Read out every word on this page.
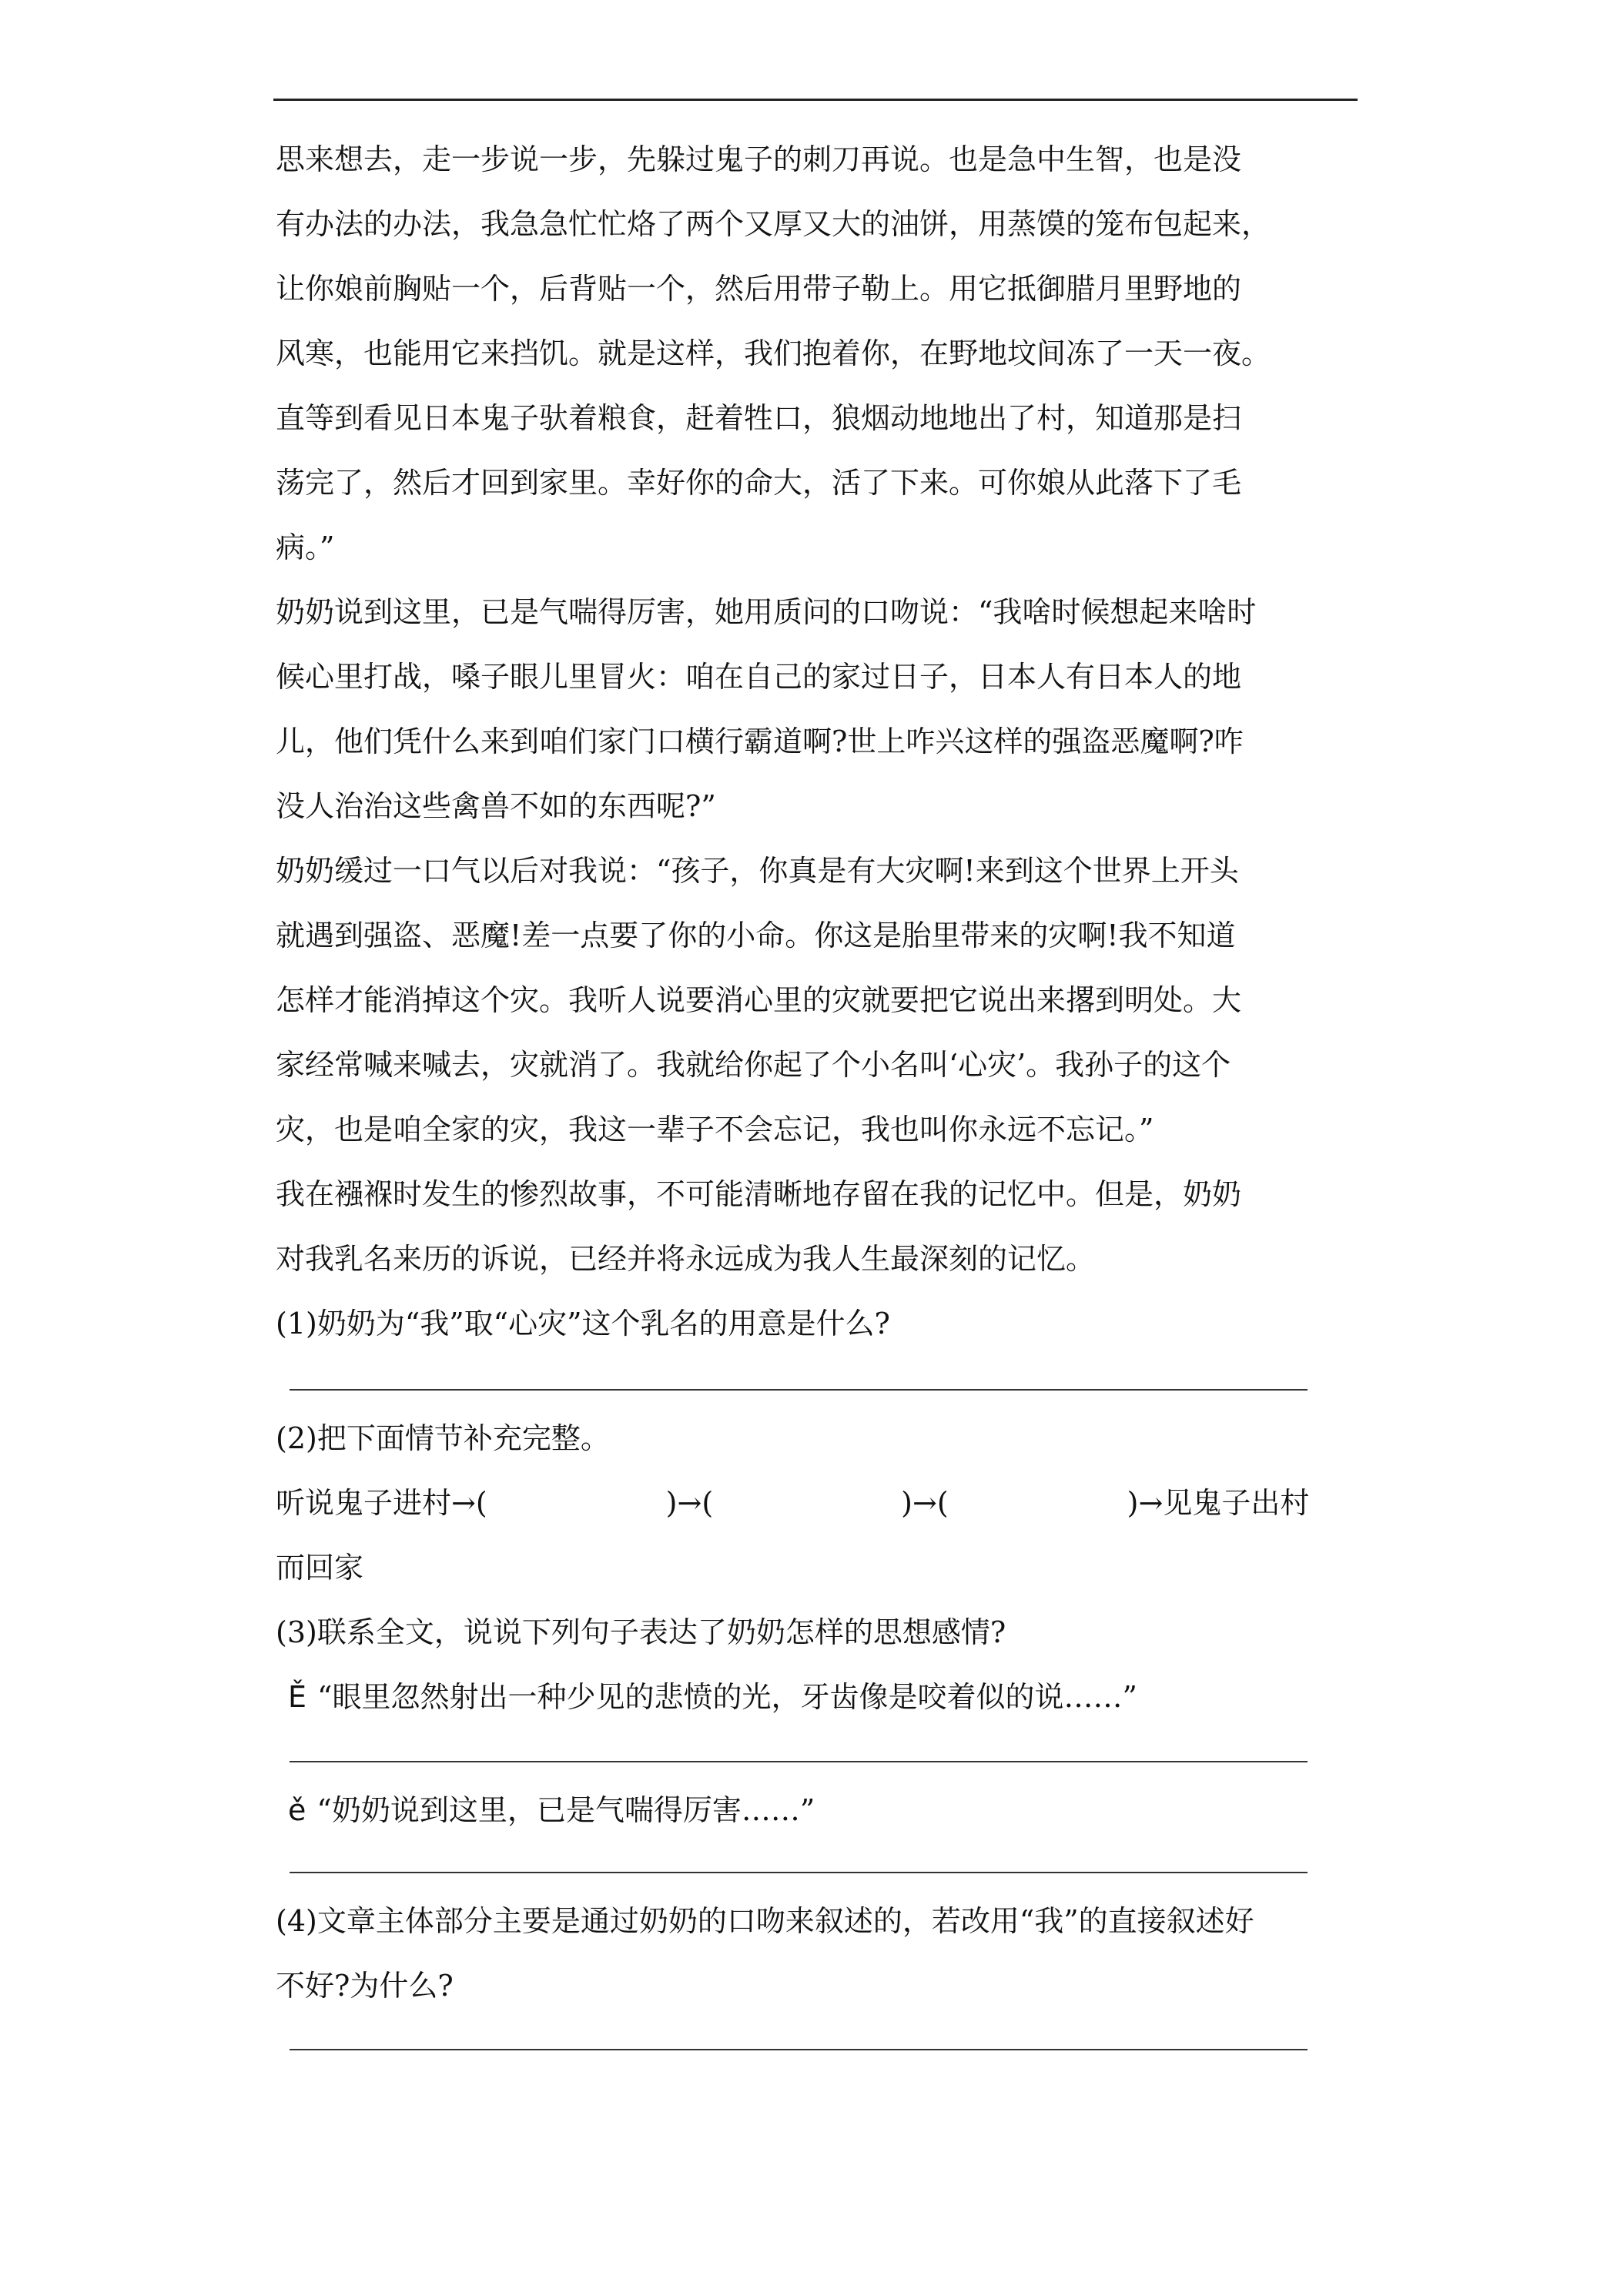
思来想去，走一步说一步，先躲过鬼子的刺刀再说。也是急中生智，也是没
有办法的办法，我急急忙忙烙了两个又厚又大的油饼，用蒸馍的笼布包起来，
让你娘前胸贴一个，后背贴一个，然后用带子勒上。用它抵御腊月里野地的
风寒，也能用它来挡饥。就是这样，我们抱着你，在野地坟间冻了一天一夜。
直等到看见日本鬼子驮着粮食，赶着牲口，狼烟动地地出了村，知道那是扫
荡完了，然后才回到家里。幸好你的命大，活了下来。可你娘从此落下了毛
病。”
奶奶说到这里，已是气喘得厉害，她用质问的口吻说：“我啥时候想起来啥时
候心里打战，嗓子眼儿里冒火：咱在自己的家过日子，日本人有日本人的地
儿，他们凭什么来到咱们家门口横行霸道啊?世上咋兴这样的强盗恶魔啊?咋
没人治治这些禽兽不如的东西呢?”
奶奶缓过一口气以后对我说：“孩子，你真是有大灾啊!来到这个世界上开头
就遇到强盗、恶魔!差一点要了你的小命。你这是胎里带来的灾啊!我不知道
怎样才能消掉这个灾。我听人说要消心里的灾就要把它说出来撂到明处。大
家经常喊来喊去，灾就消了。我就给你起了个小名叫‘心灾’。我孙子的这个
灾，也是咱全家的灾，我这一辈子不会忘记，我也叫你永远不忘记。”
我在襁褓时发生的惨烈故事，不可能清晰地存留在我的记忆中。但是，奶奶
对我乳名来历的诉说，已经并将永远成为我人生最深刻的记忆。
(1)奶奶为“我”取“心灾”这个乳名的用意是什么?
(2)把下面情节补充完整。
听说鬼子进村→(	)→(	)→(	)→见鬼子出村
而回家
(3)联系全文，说说下列句子表达了奶奶怎样的思想感情?
Ě “眼里忽然射出一种少见的悲愤的光，牙齿像是咬着似的说……”
ě “奶奶说到这里，已是气喘得厉害……”
(4)文章主体部分主要是通过奶奶的口吻来叙述的，若改用“我”的直接叙述好
不好?为什么?
